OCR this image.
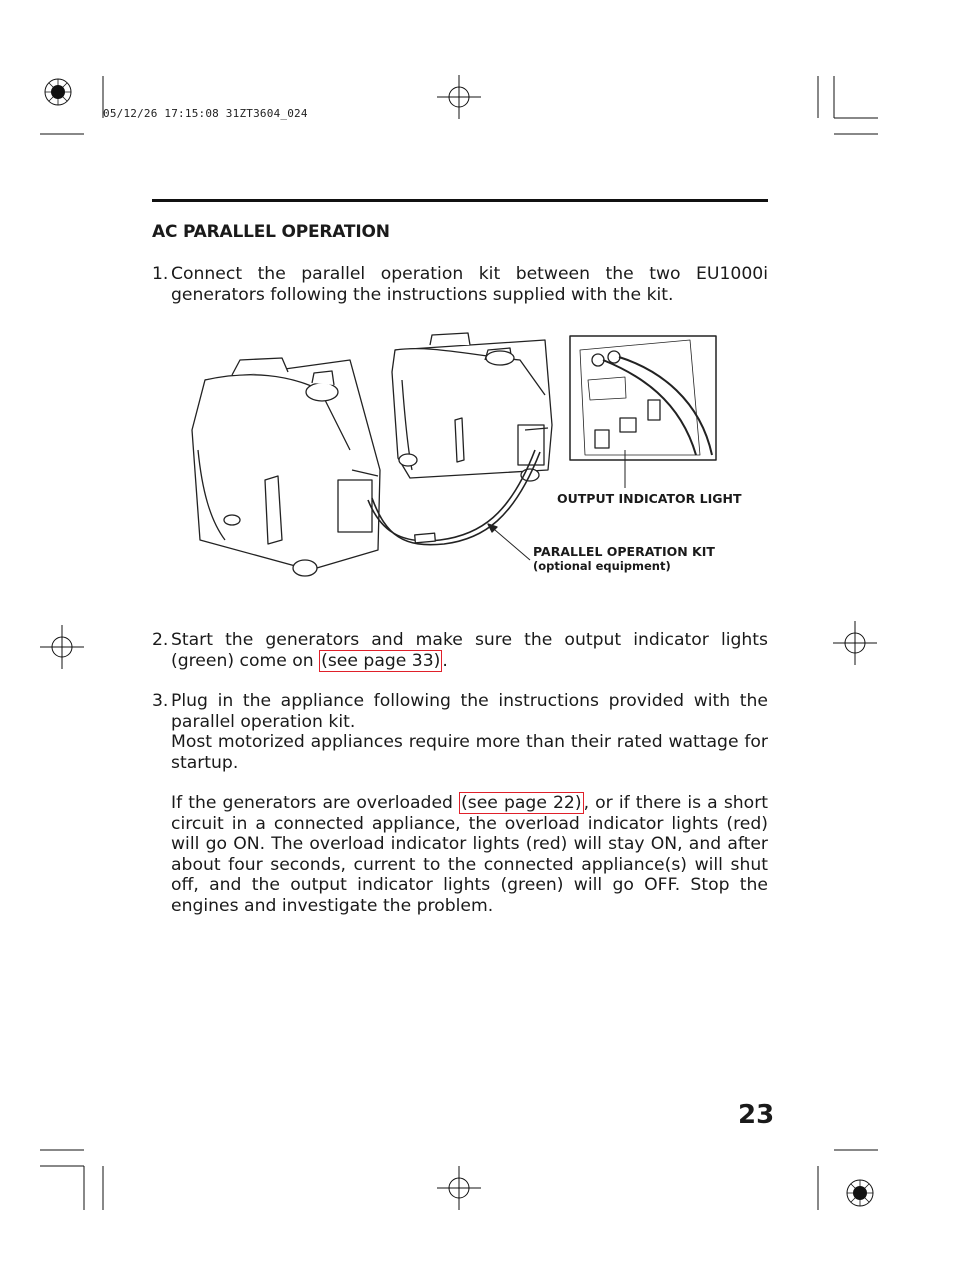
05/12/26 17:15:08 31ZT3604_024
AC PARALLEL OPERATION
1. Connect the parallel operation kit between the two EU1000i generators following the instructions supplied with the kit.
OUTPUT INDICATOR LIGHT
PARALLEL OPERATION KIT
(optional equipment)
2. Start the generators and make sure the output indicator lights (green) come on (see page 33) .
3. Plug in the appliance following the instructions provided with the parallel operation kit.
Most motorized appliances require more than their rated wattage for startup.
If the generators are overloaded (see page 22) , or if there is a short circuit in a connected appliance, the overload indicator lights (red) will go ON. The overload indicator lights (red) will stay ON, and after about four seconds, current to the connected appliance(s) will shut off, and the output indicator lights (green) will go OFF. Stop the engines and investigate the problem.
23
